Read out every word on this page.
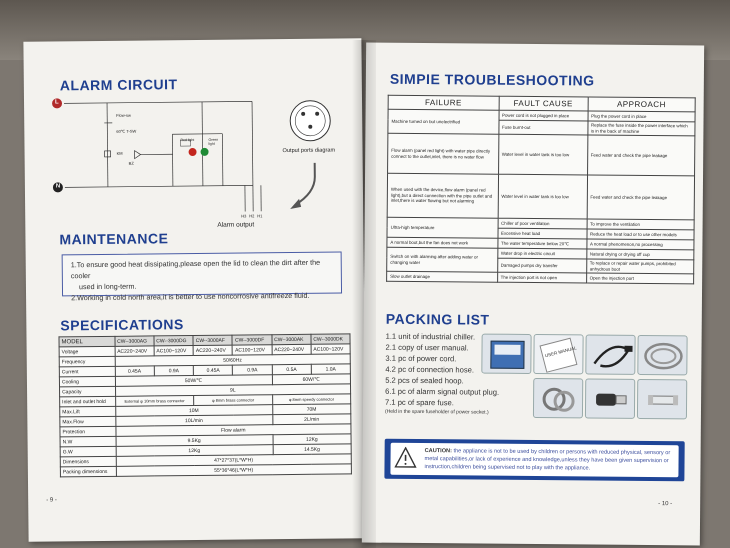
ALARM CIRCUIT
L
N
Flow-sw
60℃ T-SW
KM
BZ
Red light	Green light
H3 H2 H1
Alarm output
Output ports diagram
MAINTENANCE
1.To ensure good heat dissipating,please open the lid to clean the dirt after the cooler
used in long-term.
2.Working in cold north area,it is better to use noncorrosive antifreeze fluid.
SPECIFICATIONS
MODEL	CW--3000AG	CW--3000DG	CW--3000AF	CW--3000DF	CW--3000AK	CW--3000DK
Voltage	AC220~240V	AC100~120V	AC220~240V	AC100~120V	AC220~240V	AC100~120V
Frequency	50/60Hz					
Current	0.45A	0.9A	0.45A	0.9A	0.5A	1.0A
Cooling	50W/℃				60W/℃	
Capacity	9L					
Inlet and outlet hold	External φ 10mm brass connector		φ 8mm brass connector		φ 8mm speedy connector	
Max.Lift	10M				70M	
Max.Flow	10L/min				2L/min	
Protection	Flow alarm					
N.W	9.5Kg				12Kg	
G.W	12Kg				14.5Kg	
Dimensions	47*27*37(L*W*H)					
Packing dimensions	55*36*46(L*W*H)					
- 9 -
SIMPIE TROUBLESHOOTING
FAILURE	FAULT CAUSE	APPROACH
Machine turned on but unelectrified	Power cord is not plugged in place	Plug the power cord in place
	Fuse burnt-out	Replace the fuse inside the power interface which is in the back of machine
Flow alarm (panel red light) with water pipe directly connect to the outlet,inlet, there is no water flow	Water level in water tank is too low	Feed water and check the pipe leakage
When used with the device,flow alarm (panel red light),but a direct connection with the pipe outlet and inlet,there is water flowing but not alarming	Water level in water tank is too low	Feed water and check the pipe leakage
Ultra-high temperature	Chiller of poor ventilation	To improve the ventilation
	Excessive heat load	Reduce the heat load or to use other models
A normal boot,but the fan does not work	The water temperature below 20℃	A normal phenomenon,no processing
Switch on with alarming after adding water or changing water	Water drop in electric circuit	Natural drying or drying off cup
	Damaged pumps dry transfer	To replace or repair water pumps, prohibited anhydrous boot
Slow outlet drainage	The injection port is not open	Open the injection port
PACKING LIST
1.1 unit of industrial chiller.
2.1 copy of user manual.
3.1 pc of power cord.
4.2 pc of connection hose.
5.2 pcs of sealed hoop.
6.1 pc of alarm signal output plug.
7.1 pc of spare fuse.
(Held in the spare fuseholder of power socket.)
USER MANUAL
CAUTION: the appliance is not to be used by children or persons with reduced physical, sensory or metal capabilities,or lack of experience and knowledge,unless they have been given supervision or instruction,children being supervised not to play with the appliance.
- 10 -
